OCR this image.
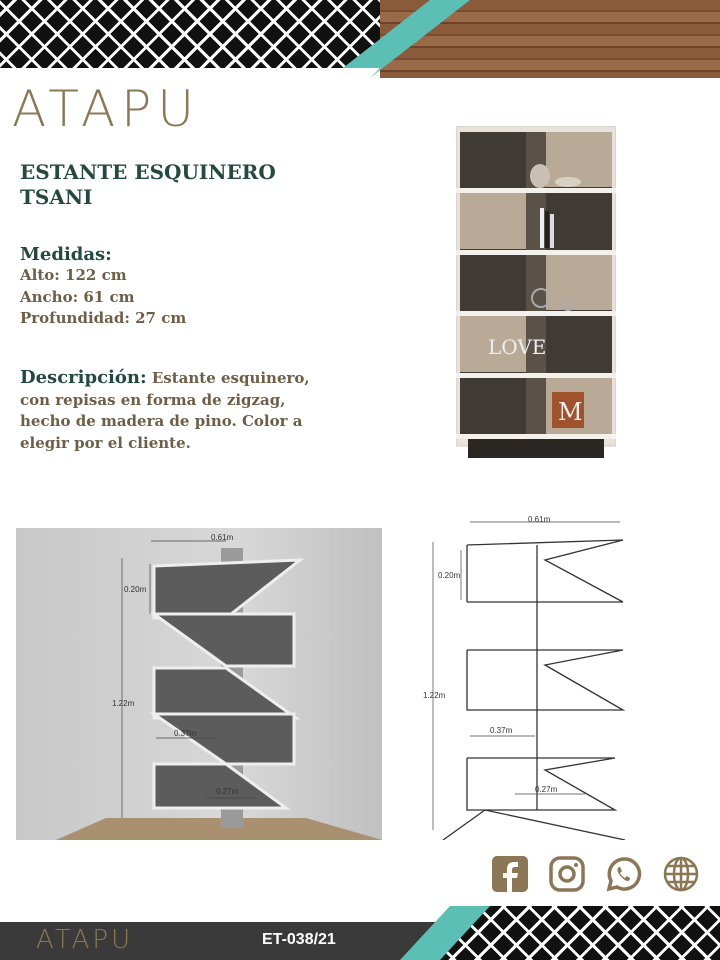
ATAPU
ESTANTE ESQUINERO
TSANI
Medidas:
Alto: 122 cm
Ancho: 61 cm
Profundidad: 27 cm
Descripción: Estante esquinero, con repisas en forma de zigzag, hecho de madera de pino. Color a elegir por el cliente.
LOVE
M
0.61m
0.20m
1.22m
0.37m
0.27m
0.61m
0.20m
1.22m
0.37m
0.27m
ATAPU	ET-038/21
